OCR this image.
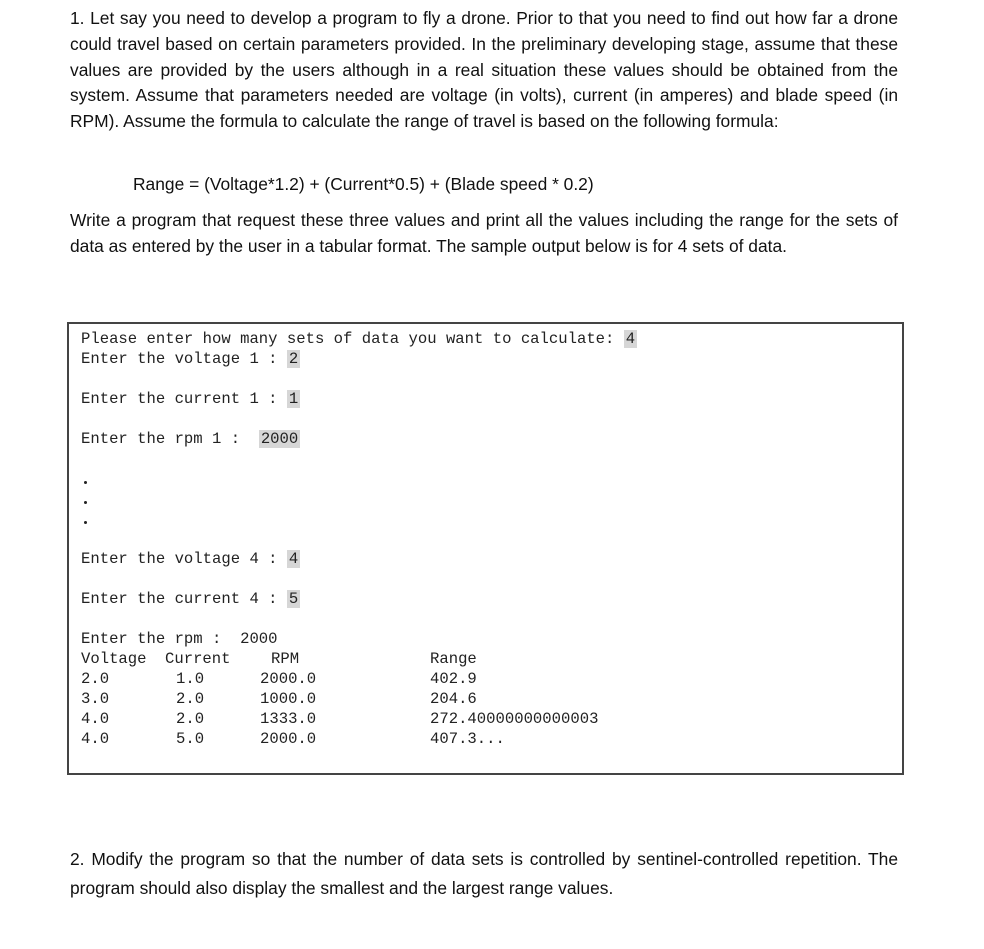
1. Let say you need to develop a program to fly a drone. Prior to that you need to find out how far a drone could travel based on certain parameters provided. In the preliminary developing stage, assume that these values are provided by the users although in a real situation these values should be obtained from the system. Assume that parameters needed are voltage (in volts), current (in amperes) and blade speed (in RPM). Assume the formula to calculate the range of travel is based on the following formula:
Range = (Voltage*1.2) + (Current*0.5) + (Blade speed * 0.2)
Write a program that request these three values and print all the values including the range for the sets of data as entered by the user in a tabular format. The sample output below is for 4 sets of data.
Please enter how many sets of data you want to calculate: 4
Enter the voltage 1 : 2
Enter the current 1 : 1
Enter the rpm 1 :  2000
Enter the voltage 4 : 4
Enter the current 4 : 5
Enter the rpm :  2000
Voltage
2.0
3.0
4.0
4.0
Current
1.0
2.0
2.0
5.0
RPM
2000.0
1000.0
1333.0
2000.0
Range
402.9
204.6
272.40000000000003
407.3...
2. Modify the program so that the number of data sets is controlled by sentinel-controlled repetition. The program should also display the smallest and the largest range values.
